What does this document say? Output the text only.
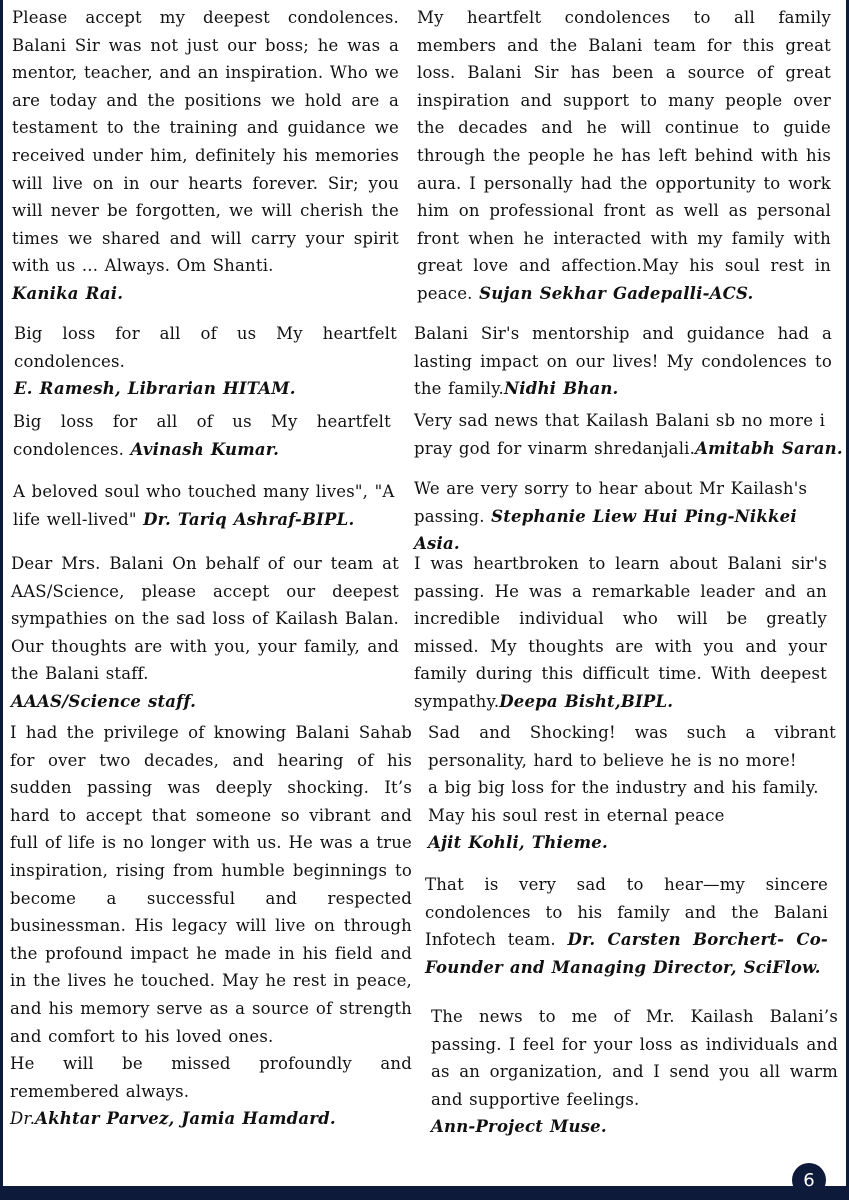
Please accept my deepest condolences. Balani Sir was not just our boss; he was a mentor, teacher, and an inspiration. Who we are today and the positions we hold are a testament to the training and guidance we received under him, definitely his memories will live on in our hearts forever. Sir; you will never be forgotten, we will cherish the times we shared and will carry your spirit with us ... Always. Om Shanti.

Kanika Rai.

My heartfelt condolences to all family members and the Balani team for this great loss. Balani Sir has been a source of great inspiration and support to many people over the decades and he will continue to guide through the people he has left behind with his aura. I personally had the opportunity to work him on professional front as well as personal front when he interacted with my family with great love and affection.May his soul rest in peace. Sujan Sekhar Gadepalli-ACS.

Big loss for all of us My heartfelt condolences.

E. Ramesh, Librarian HITAM.

Balani Sir's mentorship and guidance had a lasting impact on our lives! My condolences to the family.Nidhi Bhan.

Big loss for all of us My heartfelt condolences. Avinash Kumar.

Very sad news that Kailash Balani sb no more i pray god for vinarm shredanjali.Amitabh Saran.

A beloved soul who touched many lives", "A life well-lived" Dr. Tariq Ashraf-BIPL.

We are very sorry to hear about Mr Kailash's passing. Stephanie Liew Hui Ping-Nikkei Asia.

Dear Mrs. Balani On behalf of our team at AAS/Science, please accept our deepest sympathies on the sad loss of Kailash Balan. Our thoughts are with you, your family, and the Balani staff.

AAAS/Science staff.

I was heartbroken to learn about Balani sir's passing. He was a remarkable leader and an incredible individual who will be greatly missed. My thoughts are with you and your family during this difficult time. With deepest sympathy.Deepa Bisht,BIPL.

I had the privilege of knowing Balani Sahab for over two decades, and hearing of his sudden passing was deeply shocking. It’s hard to accept that someone so vibrant and full of life is no longer with us. He was a true inspiration, rising from humble beginnings to become a successful and respected businessman. His legacy will live on through the profound impact he made in his field and in the lives he touched. May he rest in peace, and his memory serve as a source of strength and comfort to his loved ones.

He will be missed profoundly and remembered always.

Dr.Akhtar Parvez, Jamia Hamdard.

Sad and Shocking! was such a vibrant personality, hard to believe he is no more!

a big big loss for the industry and his family.

May his soul rest in eternal peace

Ajit Kohli, Thieme.

That is very sad to hear—my sincere condolences to his family and the Balani Infotech team. Dr. Carsten Borchert- Co-Founder and Managing Director, SciFlow.

The news to me of Mr. Kailash Balani’s passing. I feel for your loss as individuals and as an organization, and I send you all warm and supportive feelings.

Ann-Project Muse.

6
